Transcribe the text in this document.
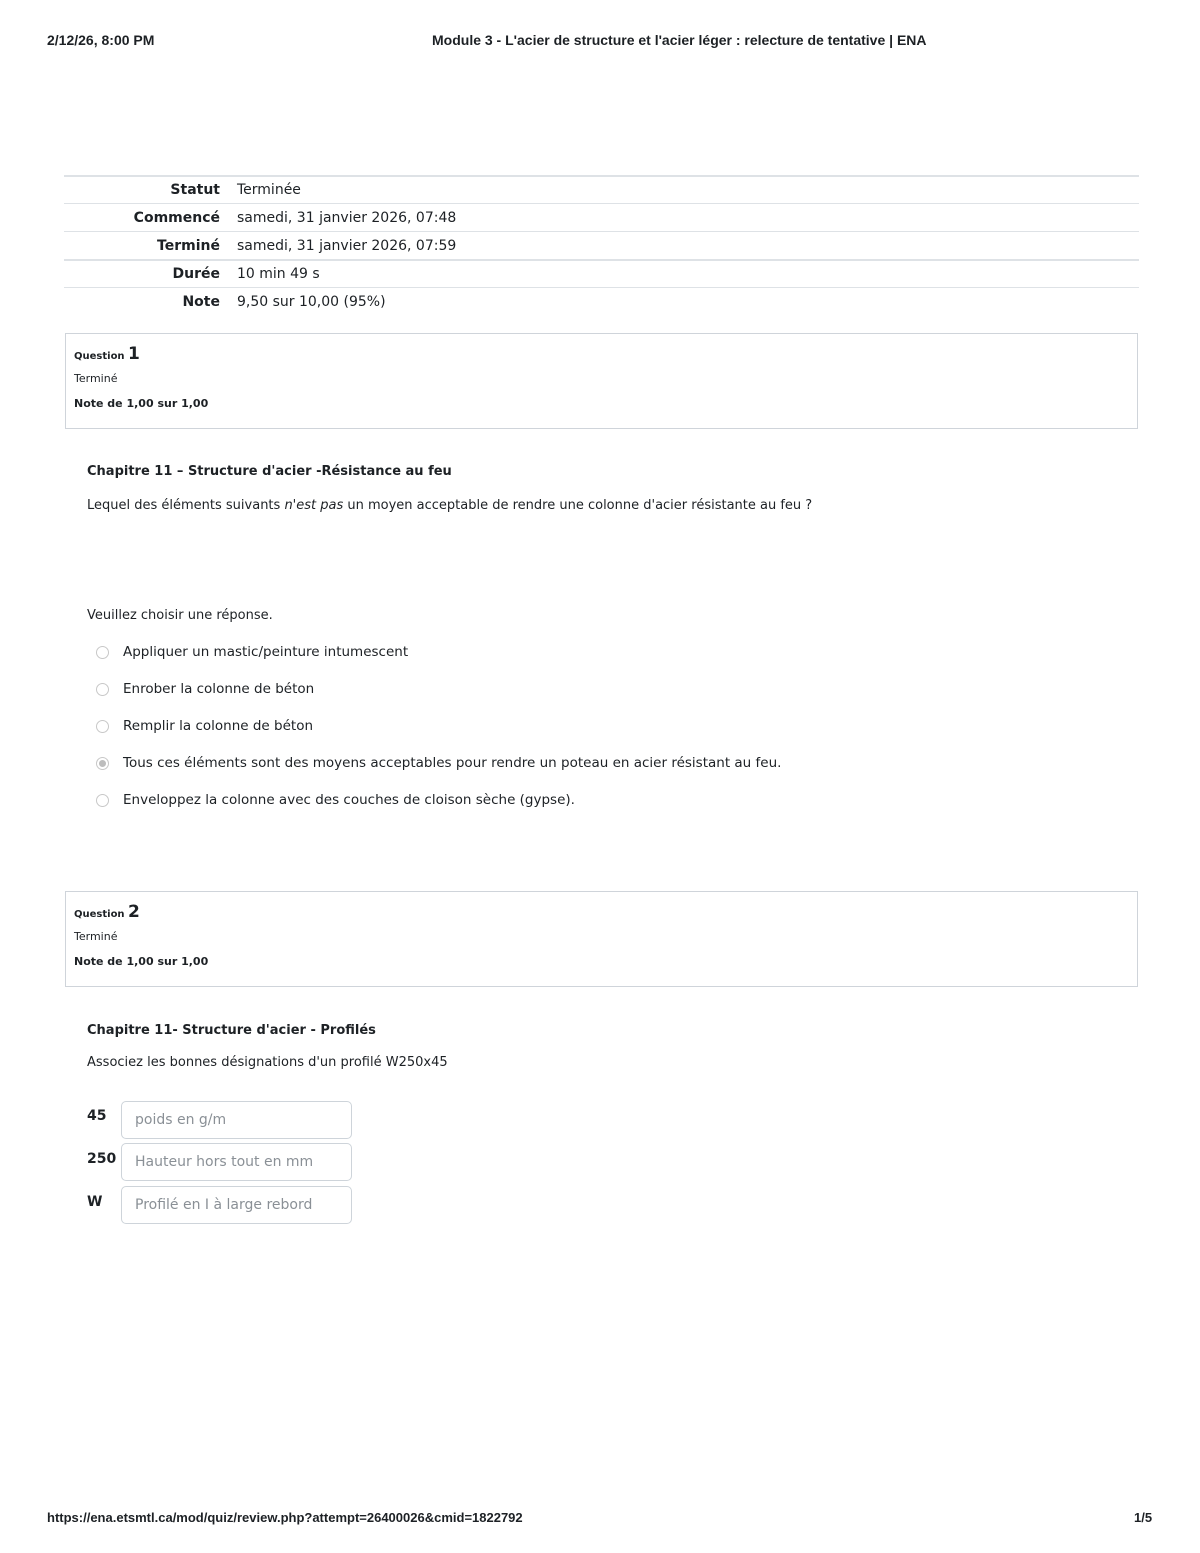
2/12/26, 8:00 PM	Module 3 - L'acier de structure et l'acier léger : relecture de tentative | ENA
Statut	Terminée
Commencé	samedi, 31 janvier 2026, 07:48
Terminé	samedi, 31 janvier 2026, 07:59
Durée	10 min 49 s
Note	9,50 sur 10,00 (95%)
Question 1
Terminé
Note de 1,00 sur 1,00
Chapitre 11 – Structure d'acier -Résistance au feu
Lequel des éléments suivants n'est pas un moyen acceptable de rendre une colonne d'acier résistante au feu ?
Veuillez choisir une réponse.
Appliquer un mastic/peinture intumescent
Enrober la colonne de béton
Remplir la colonne de béton
Tous ces éléments sont des moyens acceptables pour rendre un poteau en acier résistant au feu.
Enveloppez la colonne avec des couches de cloison sèche (gypse).
Question 2
Terminé
Note de 1,00 sur 1,00
Chapitre 11- Structure d'acier - Profilés
Associez les bonnes désignations d'un profilé W250x45
45	poids en g/m
250	Hauteur hors tout en mm
W	Profilé en I à large rebord
https://ena.etsmtl.ca/mod/quiz/review.php?attempt=26400026&cmid=1822792	1/5
